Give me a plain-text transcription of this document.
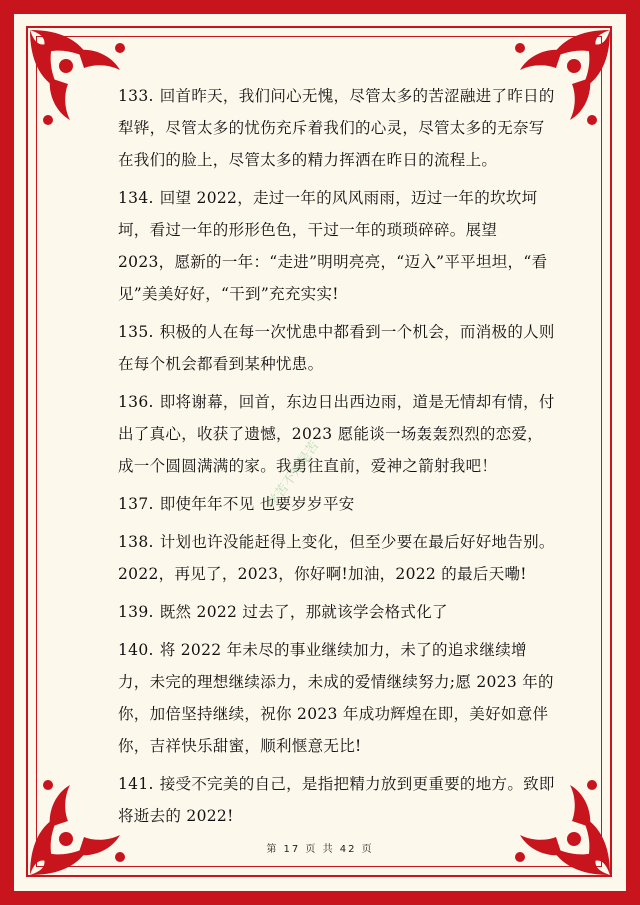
133. 回首昨天，我们问心无愧，尽管太多的苦涩融进了昨日的犁铧，尽管太多的忧伤充斥着我们的心灵，尽管太多的无奈写在我们的脸上，尽管太多的精力挥洒在昨日的流程上。

134. 回望 2022，走过一年的风风雨雨，迈过一年的坎坎坷坷，看过一年的形形色色，干过一年的琐琐碎碎。展望 2023，愿新的一年：“走进”明明亮亮，“迈入”平平坦坦，“看见”美美好好，“干到”充充实实!

135. 积极的人在每一次忧患中都看到一个机会，而消极的人则在每个机会都看到某种忧患。

136. 即将谢幕，回首，东边日出西边雨，道是无情却有情，付出了真心，收获了遗憾，2023 愿能谈一场轰轰烈烈的恋爱，成一个圆圆满满的家。我勇往直前，爱神之箭射我吧！

137. 即使年年不见 也要岁岁平安

138. 计划也许没能赶得上变化，但至少要在最后好好地告别。2022，再见了，2023，你好啊!加油，2022 的最后天嘞!

139. 既然 2022 过去了，那就该学会格式化了

140. 将 2022 年未尽的事业继续加力，未了的追求继续增力，未完的理想继续添力，未成的爱情继续努力;愿 2023 年的你，加倍坚持继续，祝你 2023 年成功辉煌在即，美好如意伴你，吉祥快乐甜蜜，顺利惬意无比!

141. 接受不完美的自己，是指把精力放到更重要的地方。致即将逝去的 2022!

学苦不知是苦
第 17 页 共 42 页
